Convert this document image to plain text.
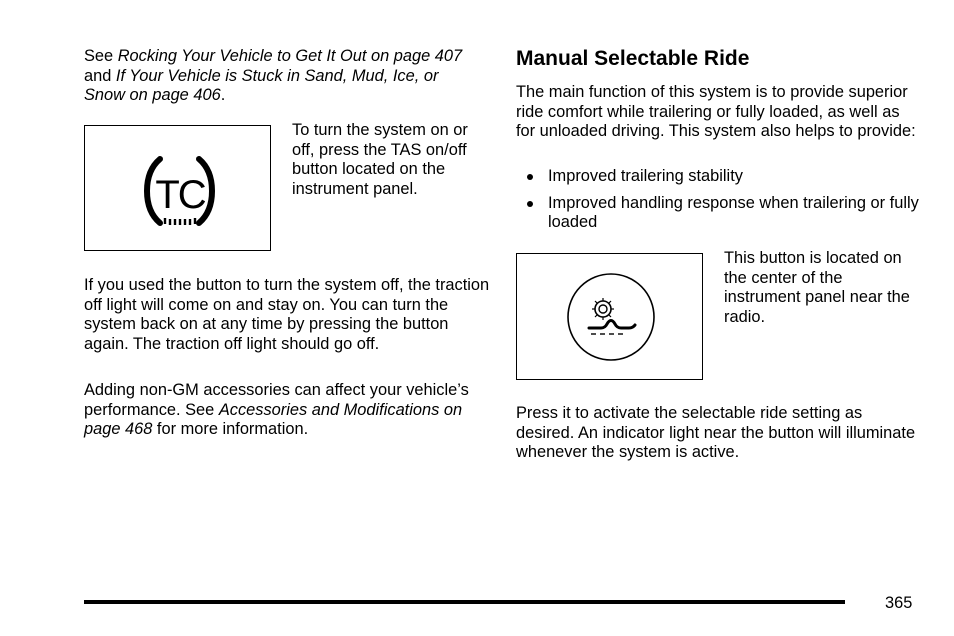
See Rocking Your Vehicle to Get It Out on page 407 and If Your Vehicle is Stuck in Sand, Mud, Ice, or Snow on page 406.

TC

To turn the system on or off, press the TAS on/off button located on the instrument panel.

If you used the button to turn the system off, the traction off light will come on and stay on. You can turn the system back on at any time by pressing the button again. The traction off light should go off.

Adding non-GM accessories can affect your vehicle’s performance. See Accessories and Modifications on page 468 for more information.

Manual Selectable Ride

The main function of this system is to provide superior ride comfort while trailering or fully loaded, as well as for unloaded driving. This system also helps to provide:

Improved trailering stability
Improved handling response when trailering or fully loaded

This button is located on the center of the instrument panel near the radio.

Press it to activate the selectable ride setting as desired. An indicator light near the button will illuminate whenever the system is active.

365
